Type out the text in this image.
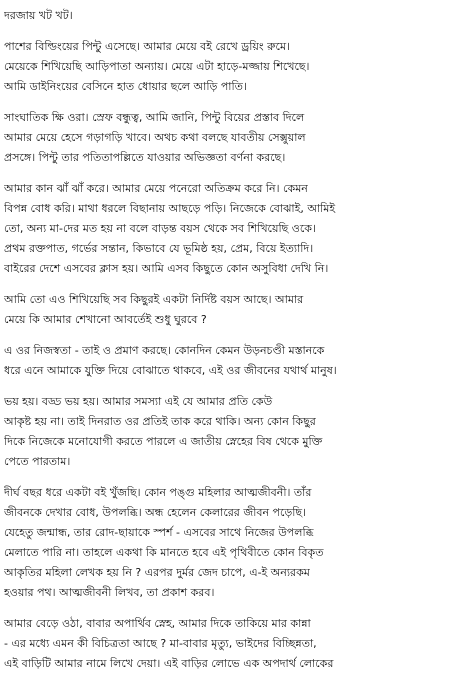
দরজায় খট খট।
পাশের বিল্ডিংয়ের পিন্টু এসেছে। আমার মেয়ে বই রেখে ড্রয়িং রুমে।
মেয়েকে শিখিয়েছি আড়িপাতা অন্যায়। মেয়ে এটা হাড়ে-মজ্জায় শিখেছে।
আমি ডাইনিংয়ের বেসিনে হাত ধোয়ার ছলে আড়ি পাতি।
সাংঘাতিক ক্ষি ওরা। স্রেফ বন্ধুত্ব, আমি জানি, পিন্টু বিয়ের প্রস্তাব দিলে
আমার মেয়ে হেসে গড়াগড়ি খাবে। অথচ কথা বলছে যাবতীয় সেক্সুয়াল
প্রসঙ্গে। পিন্টু তার পতিতাপল্লিতে যাওয়ার অভিজ্ঞতা বর্ণনা করছে।
আমার কান ঝাঁ ঝাঁ করে। আমার মেয়ে পনেরো অতিক্রম করে নি। কেমন
বিপন্ন বোধ করি। মাথা ধরলে বিছানায় আছড়ে পড়ি। নিজেকে বোঝাই, আমিই
তো, অন্য মা-দের মত হয় না বলে বাড়ন্ত বয়স থেকে সব শিখিয়েছি ওকে।
প্রথম রক্তপাত, গর্ভের সন্তান, কিভাবে যে ভূমিষ্ঠ হয়, প্রেম, বিয়ে ইত্যাদি।
বাইরের দেশে এসবের ক্লাস হয়। আমি এসব কিছুতে কোন অসুবিধা দেখি নি।
আমি তো এও শিখিয়েছি সব কিছুরই একটা নির্দিষ্ট বয়স আছে। আমার
মেয়ে কি আমার শেখানো আবর্তেই শুধু ঘুরবে ?
এ ওর নিজস্বতা - তাই ও প্রমাণ করছে। কোনদিন কেমন উড়নচণ্ডী মস্তানকে
ধরে এনে আমাকে যুক্তি দিয়ে বোঝাতে থাকবে, এই ওর জীবনের যথার্থ মানুষ।
ভয় হয়। বড্ড ভয় হয়। আমার সমস্যা এই যে আমার প্রতি কেউ
আকৃষ্ট হয় না। তাই দিনরাত ওর প্রতিই তাক করে থাকি। অন্য কোন কিছুর
দিকে নিজেকে মনোযোগী করতে পারলে এ জাতীয় স্নেহের বিষ থেকে মুক্তি
পেতে পারতাম।
দীর্ঘ বছর ধরে একটা বই খুঁজছি। কোন পঙ্গু মহিলার আত্মজীবনী। তাঁর
জীবনকে দেখার বোধ, উপলব্ধি। অন্ধ হেলেন কেলারের জীবন পড়েছি।
যেহেতু জন্মান্ধ, তার রোদ-ছায়াকে স্পর্শ - এসবের সাথে নিজের উপলব্ধি
মেলাতে পারি না। তাহলে একথা কি মানতে হবে এই পৃথিবীতে কোন বিকৃত
আকৃতির মহিলা লেখক হয় নি ? এরপর দুর্মর জেদ চাপে, এ-ই অন্যরকম
হওয়ার পথ। আত্মজীবনী লিখব, তা প্রকাশ করব।
আমার বেড়ে ওঠা, বাবার অপার্থিব স্নেহ, আমার দিকে তাকিয়ে মার কান্না
- এর মধ্যে এমন কী বিচিত্রতা আছে ? মা-বাবার মৃত্যু, ভাইদের বিচ্ছিন্নতা,
এই বাড়িটি আমার নামে লিখে দেয়া। এই বাড়ির লোভে এক অপদার্থ লোকের
